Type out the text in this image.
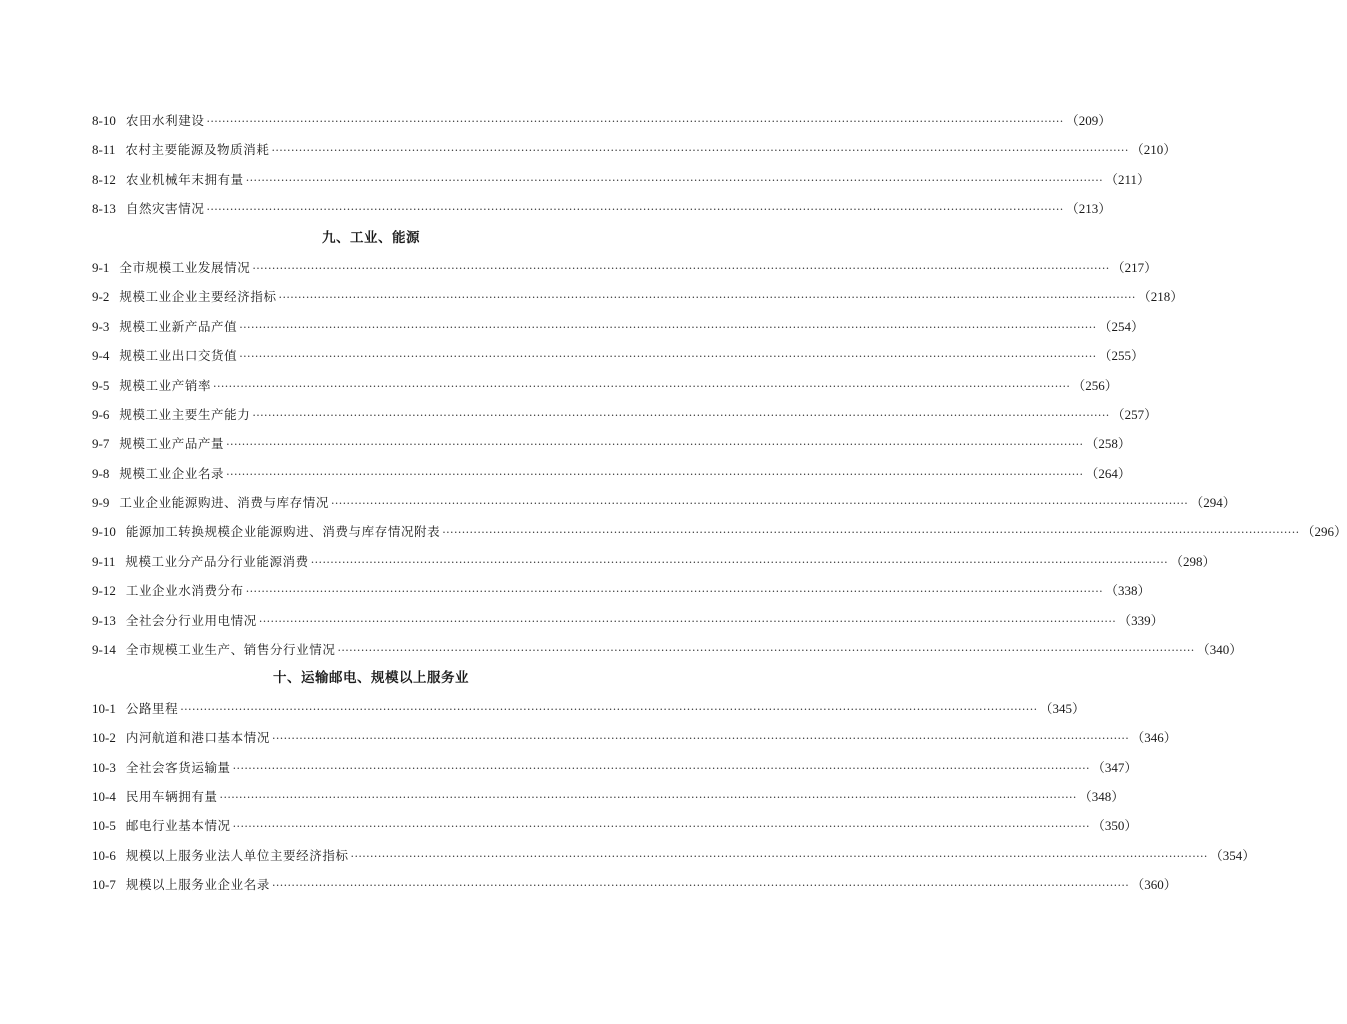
8-10 农田水利建设 ···························································································································································································································· （209）
8-11 农村主要能源及物质消耗 ···························································································································································································································· （210）
8-12 农业机械年末拥有量 ···························································································································································································································· （211）
8-13 自然灾害情况 ···························································································································································································································· （213）
九、工业、能源
9-1 全市规模工业发展情况 ···························································································································································································································· （217）
9-2 规模工业企业主要经济指标 ···························································································································································································································· （218）
9-3 规模工业新产品产值 ···························································································································································································································· （254）
9-4 规模工业出口交货值 ···························································································································································································································· （255）
9-5 规模工业产销率 ···························································································································································································································· （256）
9-6 规模工业主要生产能力 ···························································································································································································································· （257）
9-7 规模工业产品产量 ···························································································································································································································· （258）
9-8 规模工业企业名录 ···························································································································································································································· （264）
9-9 工业企业能源购进、消费与库存情况 ···························································································································································································································· （294）
9-10 能源加工转换规模企业能源购进、消费与库存情况附表 ···························································································································································································································· （296）
9-11 规模工业分产品分行业能源消费 ···························································································································································································································· （298）
9-12 工业企业水消费分布 ···························································································································································································································· （338）
9-13 全社会分行业用电情况 ···························································································································································································································· （339）
9-14 全市规模工业生产、销售分行业情况 ···························································································································································································································· （340）
十、运输邮电、规模以上服务业
10-1 公路里程 ···························································································································································································································· （345）
10-2 内河航道和港口基本情况 ···························································································································································································································· （346）
10-3 全社会客货运输量 ···························································································································································································································· （347）
10-4 民用车辆拥有量 ···························································································································································································································· （348）
10-5 邮电行业基本情况 ···························································································································································································································· （350）
10-6 规模以上服务业法人单位主要经济指标 ···························································································································································································································· （354）
10-7 规模以上服务业企业名录 ···························································································································································································································· （360）
